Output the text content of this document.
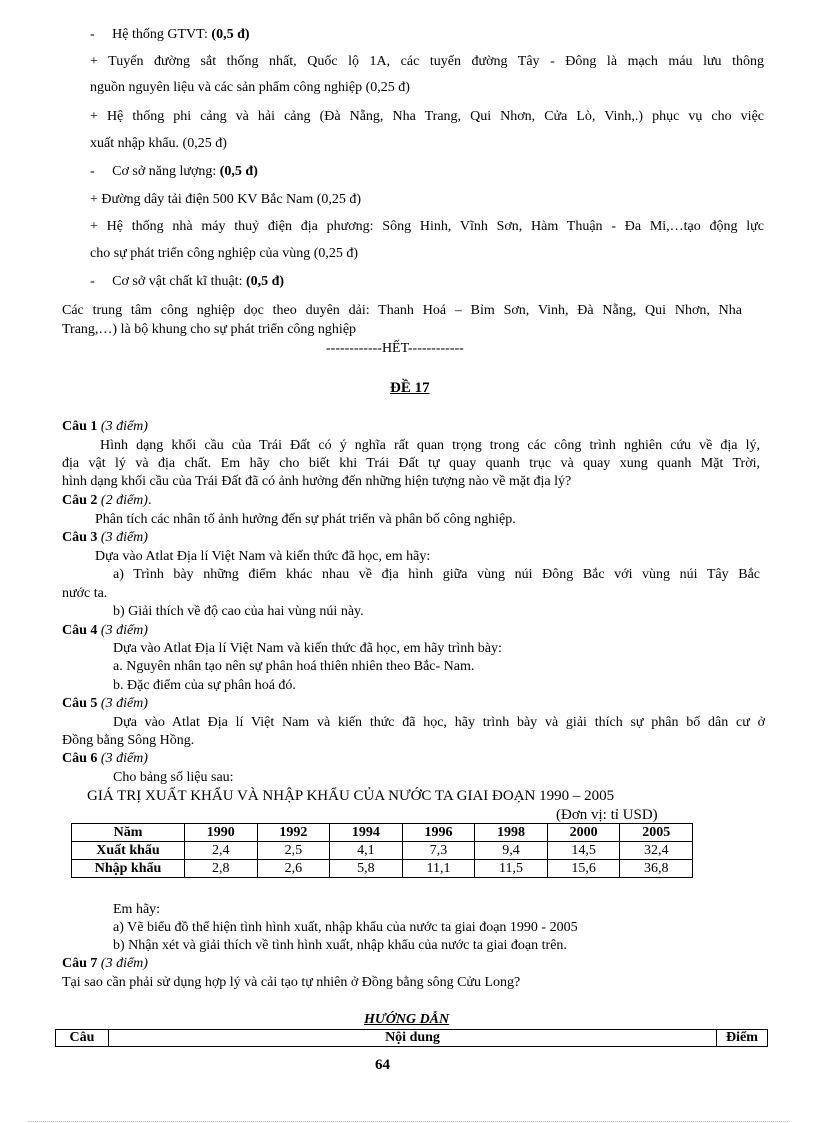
- Hệ thống GTVT: (0,5 đ)
+ Tuyến đường sắt thống nhất, Quốc lộ 1A, các tuyến đường Tây - Đông là mạch máu lưu thông
nguồn nguyên liệu và các sản phẩm công nghiệp (0,25 đ)
+ Hệ thống phi cảng và hải cảng (Đà Nẵng, Nha Trang, Qui Nhơn, Cửa Lò, Vinh,.) phục vụ cho việc
xuất nhập khẩu. (0,25 đ)
- Cơ sở năng lượng: (0,5 đ)
+ Đường dây tải điện 500 KV Bắc Nam (0,25 đ)
+ Hệ thống nhà máy thuỷ điện địa phương: Sông Hinh, Vĩnh Sơn, Hàm Thuận - Đa Mi,…tạo động lực
cho sự phát triển công nghiệp của vùng (0,25 đ)
- Cơ sở vật chất kĩ thuật: (0,5 đ)
Các trung tâm công nghiệp dọc theo duyên dải: Thanh Hoá – Bỉm Sơn, Vinh, Đà Nẵng, Qui Nhơn, Nha
Trang,…) là bộ khung cho sự phát triển công nghiệp
------------HẾT------------
ĐỀ 17
Câu 1 (3 điểm)
Hình dạng khối cầu của Trái Đất có ý nghĩa rất quan trọng trong các công trình nghiên cứu về địa lý,
địa vật lý và địa chất. Em hãy cho biết khi Trái Đất tự quay quanh trục và quay xung quanh Mặt Trời,
hình dạng khối cầu của Trái Đất đã có ảnh hưởng đến những hiện tượng nào về mặt địa lý?
Câu 2 (2 điểm).
Phân tích các nhân tố ảnh hưởng đến sự phát triển và phân bố công nghiệp.
Câu 3 (3 điểm)
Dựa vào Atlat Địa lí Việt Nam và kiến thức đã học, em hãy:
a) Trình bày những điểm khác nhau về địa hình giữa vùng núi Đông Bắc với vùng núi Tây Bắc
nước ta.
b) Giải thích về độ cao của hai vùng núi này.
Câu 4 (3 điểm)
Dựa vào Atlat Địa lí Việt Nam và kiến thức đã học, em hãy trình bày:
a. Nguyên nhân tạo nên sự phân hoá thiên nhiên theo Bắc- Nam.
b. Đặc điểm của sự phân hoá đó.
Câu 5 (3 điểm)
Dựa vào Atlat Địa lí Việt Nam và kiến thức đã học, hãy trình bày và giải thích sự phân bố dân cư ở
Đồng bằng Sông Hồng.
Câu 6 (3 điểm)
Cho bảng số liệu sau:
GIÁ TRỊ XUẤT KHẨU VÀ NHẬP KHẨU CỦA NƯỚC TA GIAI ĐOẠN 1990 – 2005
(Đơn vị: tỉ USD)
Năm	1990	1992	1994	1996	1998	2000	2005
Xuất khẩu	2,4	2,5	4,1	7,3	9,4	14,5	32,4
Nhập khẩu	2,8	2,6	5,8	11,1	11,5	15,6	36,8
Em hãy:
a) Vẽ biểu đồ thể hiện tình hình xuất, nhập khẩu của nước ta giai đoạn 1990 - 2005
b) Nhận xét và giải thích về tình hình xuất, nhập khẩu của nước ta giai đoạn trên.
Câu 7 (3 điểm)
Tại sao cần phải sử dụng hợp lý và cải tạo tự nhiên ở Đồng bằng sông Cửu Long?
HƯỚNG DẪN
Câu	Nội dung	Điểm
64
